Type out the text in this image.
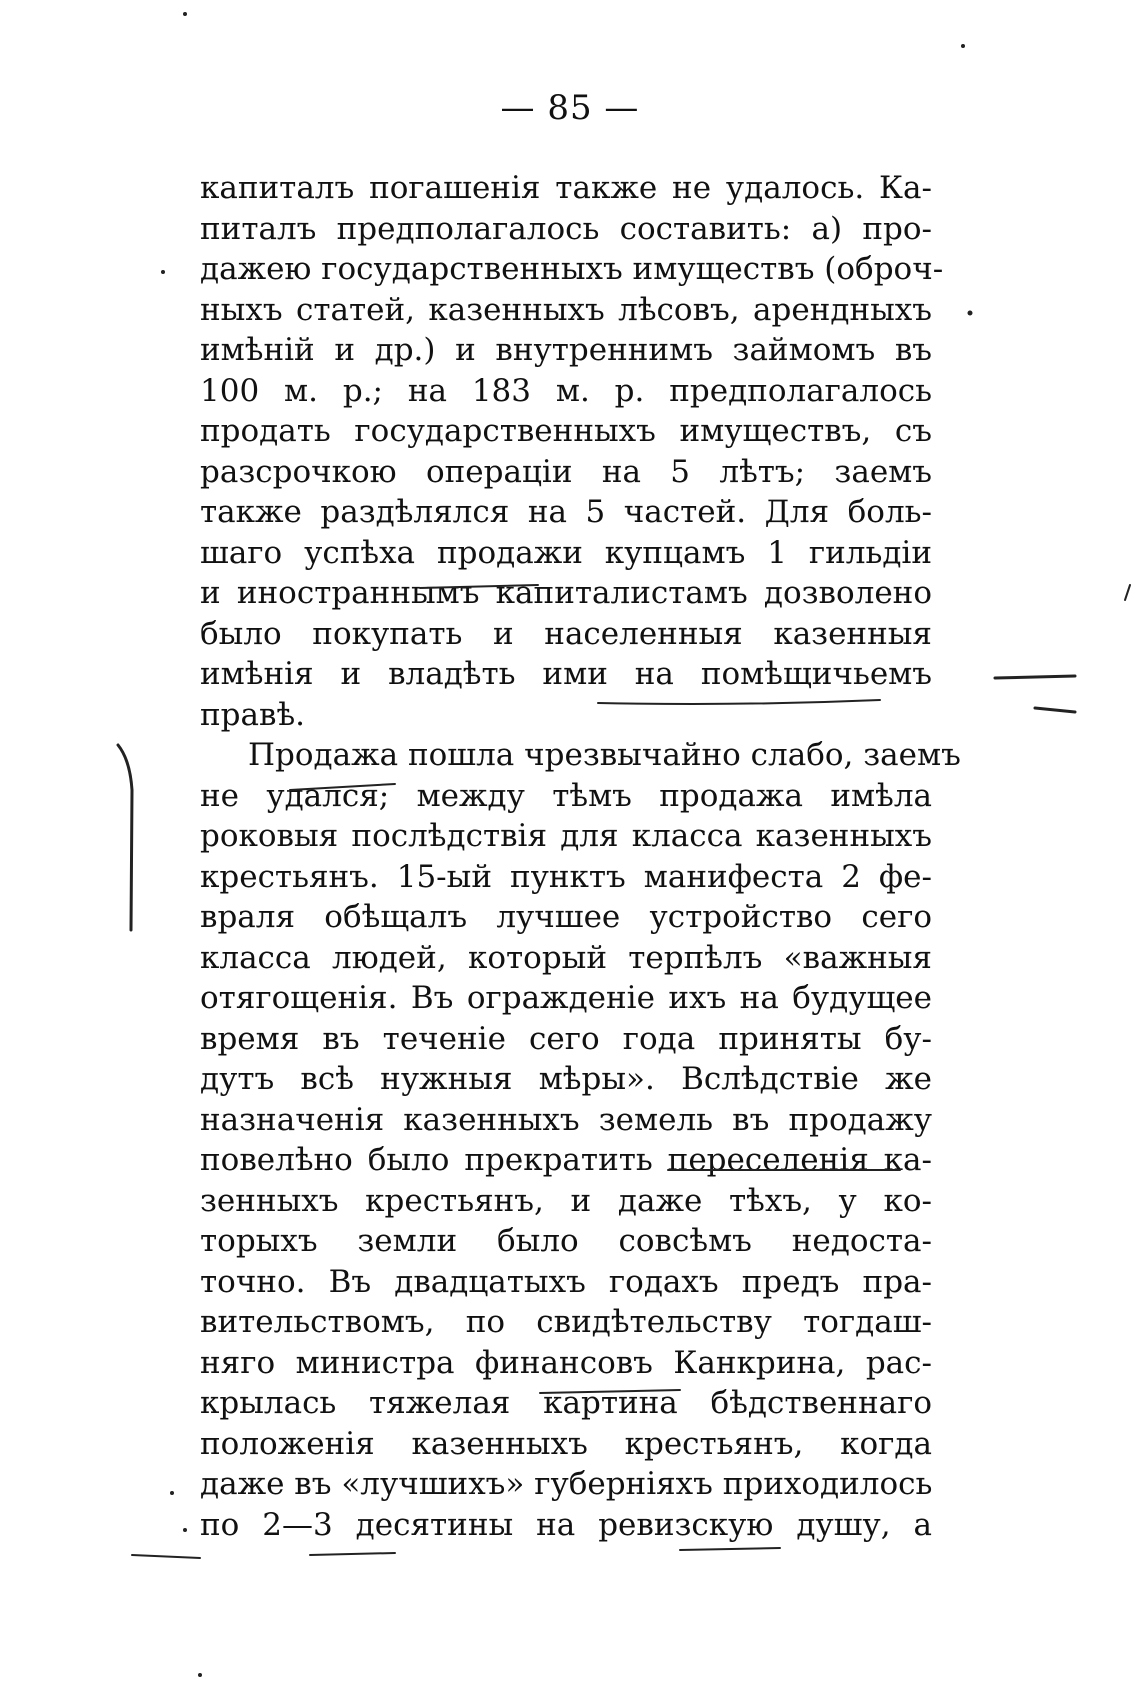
— 85 —
капиталъ погашенія также не удалось. Ка-
питалъ предполагалось составить: а) про-
дажею государственныхъ имуществъ (оброч-
ныхъ статей, казенныхъ лѣсовъ, арендныхъ
имѣній и др.) и внутреннимъ займомъ въ
100 м. р.; на 183 м. р. предполагалось
продать государственныхъ имуществъ, съ
разсрочкою операціи на 5 лѣтъ; заемъ
также раздѣлялся на 5 частей. Для боль-
шаго успѣха продажи купцамъ 1 гильдіи
и иностраннымъ капиталистамъ дозволено
было покупать и населенныя казенныя
имѣнія и владѣть ими на помѣщичьемъ
правѣ.
Продажа пошла чрезвычайно слабо, заемъ
не удался; между тѣмъ продажа имѣла
роковыя послѣдствія для класса казенныхъ
крестьянъ. 15-ый пунктъ манифеста 2 фе-
враля обѣщалъ лучшее устройство сего
класса людей, который терпѣлъ «важныя
отягощенія. Въ огражденіе ихъ на будущее
время въ теченіе сего года приняты бу-
дутъ всѣ нужныя мѣры». Вслѣдствіе же
назначенія казенныхъ земель въ продажу
повелѣно было прекратить переселенія ка-
зенныхъ крестьянъ, и даже тѣхъ, у ко-
торыхъ земли было совсѣмъ недоста-
точно. Въ двадцатыхъ годахъ предъ пра-
вительствомъ, по свидѣтельству тогдаш-
няго министра финансовъ Канкрина, рас-
крылась тяжелая картина бѣдственнаго
положенія казенныхъ крестьянъ, когда
даже въ «лучшихъ» губерніяхъ приходилось
по 2—3 десятины на ревизскую душу, а
